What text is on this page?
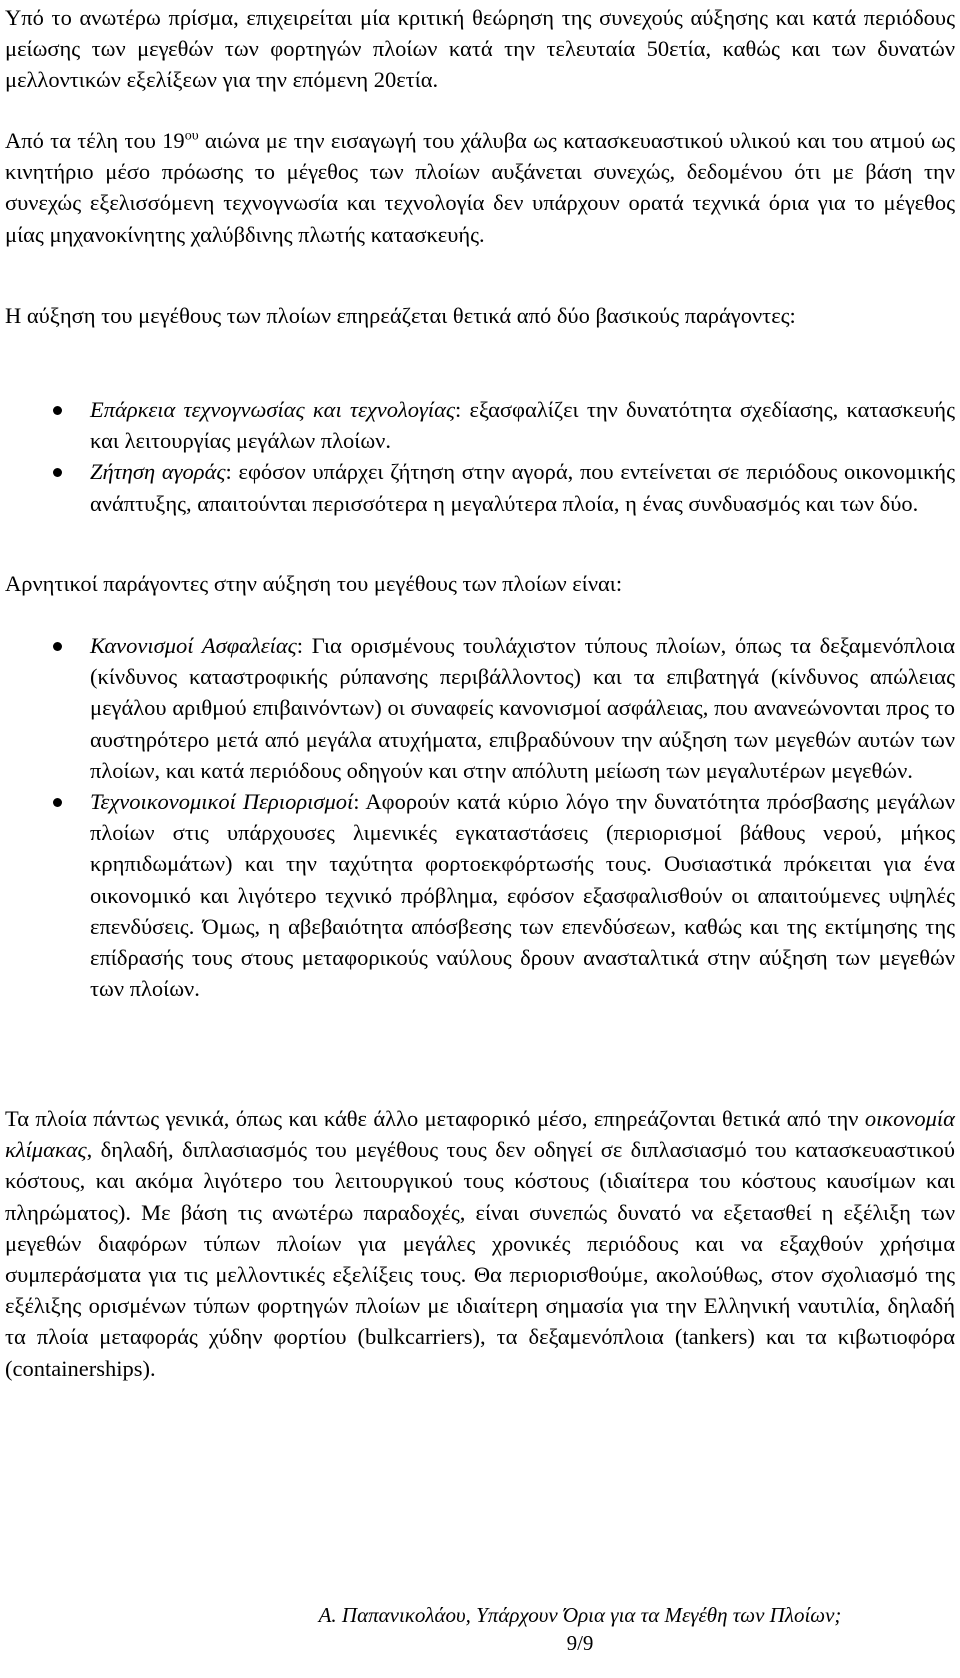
Υπό το ανωτέρω πρίσμα, επιχειρείται μία κριτική θεώρηση της συνεχούς αύξησης και κατά περιόδους μείωσης των μεγεθών των φορτηγών πλοίων κατά την τελευταία 50ετία, καθώς και των δυνατών μελλοντικών εξελίξεων για την επόμενη 20ετία.

Από τα τέλη του $19^{o\upsilon}$ αιώνα με την εισαγωγή του χάλυβα ως κατασκευαστικού υλικού και του ατμού ως κινητήριο μέσο πρόωσης το μέγεθος των πλοίων αυξάνεται συνεχώς, δεδομένου ότι με βάση την συνεχώς εξελισσόμενη τεχνογνωσία και τεχνολογία δεν υπάρχουν ορατά τεχνικά όρια για το μέγεθος μίας μηχανοκίνητης χαλύβδινης πλωτής κατασκευής.

Η αύξηση του μεγέθους των πλοίων επηρεάζεται θετικά από δύο βασικούς παράγοντες:

Επάρκεια τεχνογνωσίας και τεχνολογίας: εξασφαλίζει την δυνατότητα σχεδίασης, κατασκευής και λειτουργίας μεγάλων πλοίων.
Ζήτηση αγοράς: εφόσον υπάρχει ζήτηση στην αγορά, που εντείνεται σε περιόδους οικονομικής ανάπτυξης, απαιτούνται περισσότερα η μεγαλύτερα πλοία, η ένας συνδυασμός και των δύο.

Αρνητικοί παράγοντες στην αύξηση του μεγέθους των πλοίων είναι:

Κανονισμοί Ασφαλείας: Για ορισμένους τουλάχιστον τύπους πλοίων, όπως τα δεξαμενόπλοια (κίνδυνος καταστροφικής ρύπανσης περιβάλλοντος) και τα επιβατηγά (κίνδυνος απώλειας μεγάλου αριθμού επιβαινόντων) οι συναφείς κανονισμοί ασφάλειας, που ανανεώνονται προς το αυστηρότερο μετά από μεγάλα ατυχήματα, επιβραδύνουν την αύξηση των μεγεθών αυτών των πλοίων, και κατά περιόδους οδηγούν και στην απόλυτη μείωση των μεγαλυτέρων μεγεθών.
Τεχνοικονομικοί Περιορισμοί: Αφορούν κατά κύριο λόγο την δυνατότητα πρόσβασης μεγάλων πλοίων στις υπάρχουσες λιμενικές εγκαταστάσεις (περιορισμοί βάθους νερού, μήκος κρηπιδωμάτων) και την ταχύτητα φορτοεκφόρτωσής τους. Ουσιαστικά πρόκειται για ένα οικονομικό και λιγότερο τεχνικό πρόβλημα, εφόσον εξασφαλισθούν οι απαιτούμενες υψηλές επενδύσεις. Όμως, η αβεβαιότητα απόσβεσης των επενδύσεων, καθώς και της εκτίμησης της επίδρασής τους στους μεταφορικούς ναύλους δρουν ανασταλτικά στην αύξηση των μεγεθών των πλοίων.

Τα πλοία πάντως γενικά, όπως και κάθε άλλο μεταφορικό μέσο, επηρεάζονται θετικά από την οικονομία κλίμακας, δηλαδή, διπλασιασμός του μεγέθους τους δεν οδηγεί σε διπλασιασμό του κατασκευαστικού κόστους, και ακόμα λιγότερο του λειτουργικού τους κόστους (ιδιαίτερα του κόστους καυσίμων και πληρώματος). Με βάση τις ανωτέρω παραδοχές, είναι συνεπώς δυνατό να εξετασθεί η εξέλιξη των μεγεθών διαφόρων τύπων πλοίων για μεγάλες χρονικές περιόδους και να εξαχθούν χρήσιμα συμπεράσματα για τις μελλοντικές εξελίξεις τους. Θα περιορισθούμε, ακολούθως, στον σχολιασμό της εξέλιξης ορισμένων τύπων φορτηγών πλοίων με ιδιαίτερη σημασία για την Ελληνική ναυτιλία, δηλαδή τα πλοία μεταφοράς χύδην φορτίου (bulkcarriers), τα δεξαμενόπλοια (tankers) και τα κιβωτιοφόρα (containerships).

Α. Παπανικολάου, Υπάρχουν Όρια για τα Μεγέθη των Πλοίων;
9/9
